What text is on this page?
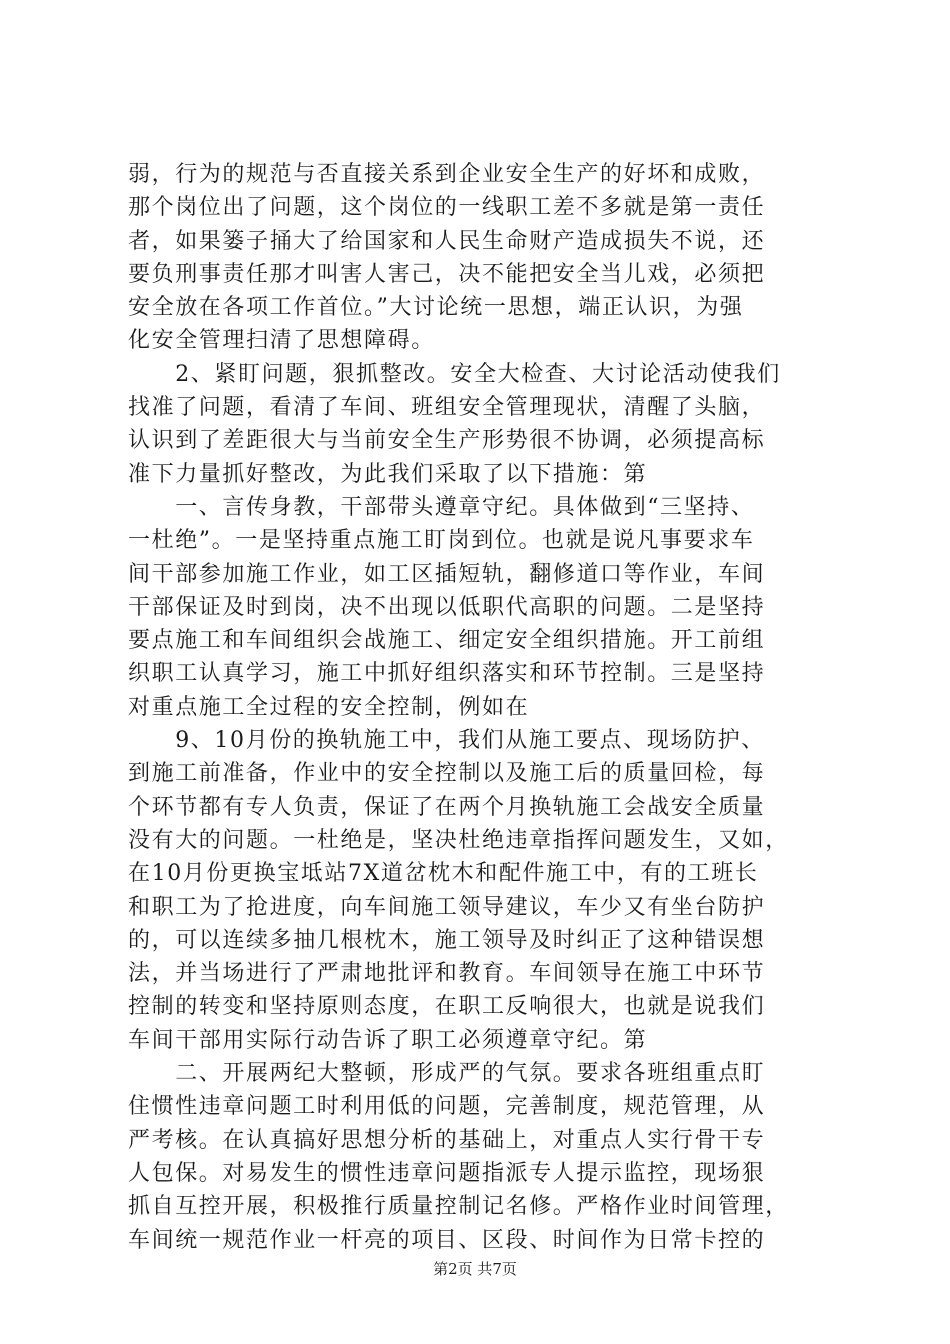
弱，行为的规范与否直接关系到企业安全生产的好坏和成败，
那个岗位出了问题，这个岗位的一线职工差不多就是第一责任
者，如果篓子捅大了给国家和人民生命财产造成损失不说，还
要负刑事责任那才叫害人害己，决不能把安全当儿戏，必须把
安全放在各项工作首位。”大讨论统一思想，端正认识，为强
化安全管理扫清了思想障碍。
　　2、紧盯问题，狠抓整改。安全大检查、大讨论活动使我们
找准了问题，看清了车间、班组安全管理现状，清醒了头脑，
认识到了差距很大与当前安全生产形势很不协调，必须提高标
准下力量抓好整改，为此我们采取了以下措施：第
　　一、言传身教，干部带头遵章守纪。具体做到“三坚持、
一杜绝”。一是坚持重点施工盯岗到位。也就是说凡事要求车
间干部参加施工作业，如工区插短轨，翻修道口等作业，车间
干部保证及时到岗，决不出现以低职代高职的问题。二是坚持
要点施工和车间组织会战施工、细定安全组织措施。开工前组
织职工认真学习，施工中抓好组织落实和环节控制。三是坚持
对重点施工全过程的安全控制，例如在
　　9、10月份的换轨施工中，我们从施工要点、现场防护、
到施工前准备，作业中的安全控制以及施工后的质量回检，每
个环节都有专人负责，保证了在两个月换轨施工会战安全质量
没有大的问题。一杜绝是，坚决杜绝违章指挥问题发生，又如，
在10月份更换宝坻站7X道岔枕木和配件施工中，有的工班长
和职工为了抢进度，向车间施工领导建议，车少又有坐台防护
的，可以连续多抽几根枕木，施工领导及时纠正了这种错误想
法，并当场进行了严肃地批评和教育。车间领导在施工中环节
控制的转变和坚持原则态度，在职工反响很大，也就是说我们
车间干部用实际行动告诉了职工必须遵章守纪。第
　　二、开展两纪大整顿，形成严的气氛。要求各班组重点盯
住惯性违章问题工时利用低的问题，完善制度，规范管理，从
严考核。在认真搞好思想分析的基础上，对重点人实行骨干专
人包保。对易发生的惯性违章问题指派专人提示监控，现场狠
抓自互控开展，积极推行质量控制记名修。严格作业时间管理，
车间统一规范作业一杆亮的项目、区段、时间作为日常卡控的
第2页 共7页
